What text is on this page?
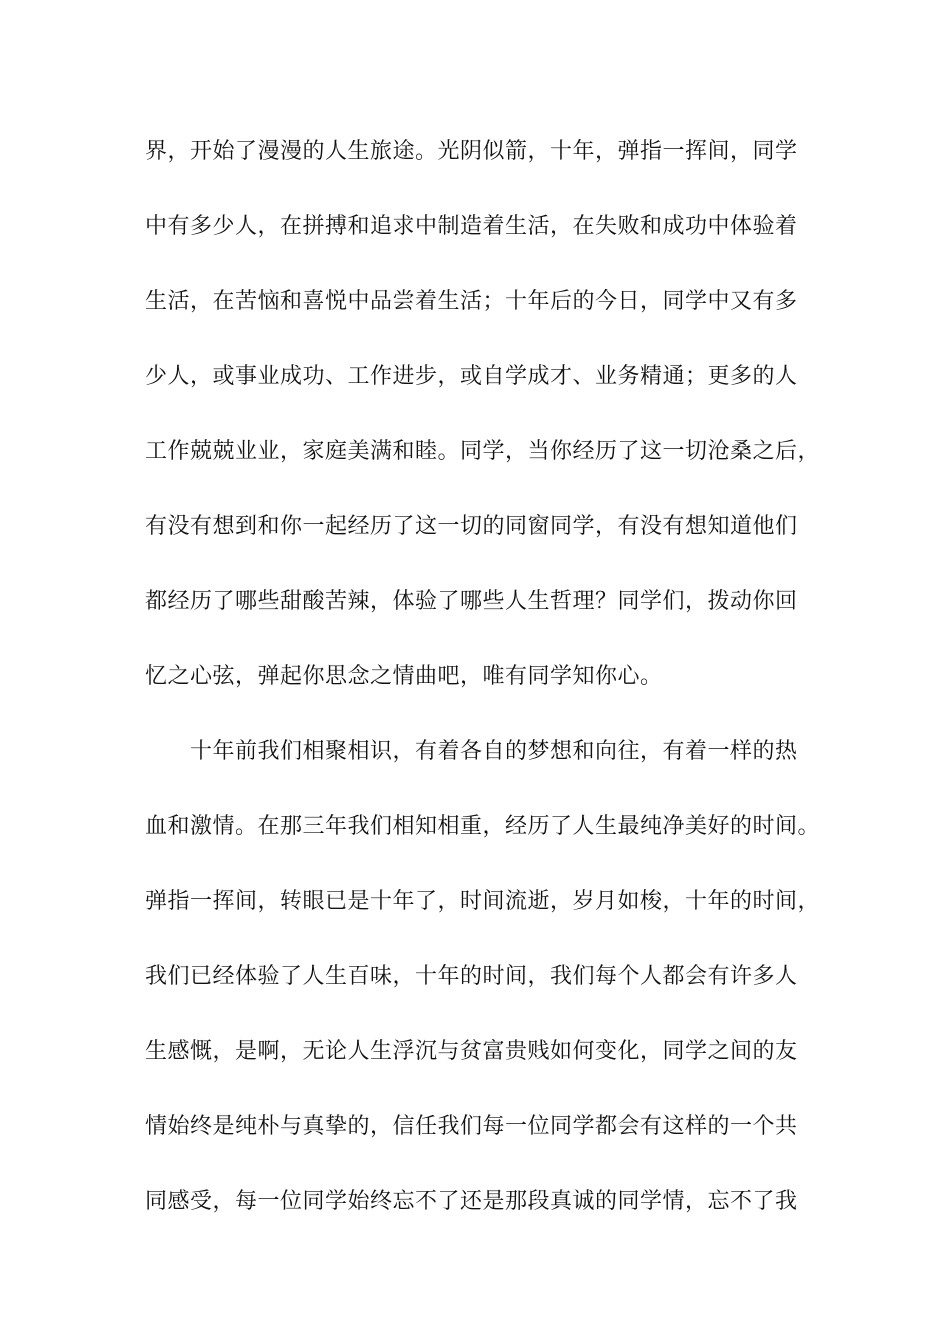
界，开始了漫漫的人生旅途。光阴似箭，十年，弹指一挥间，同学
中有多少人，在拼搏和追求中制造着生活，在失败和成功中体验着
生活，在苦恼和喜悦中品尝着生活；十年后的今日，同学中又有多
少人，或事业成功、工作进步，或自学成才、业务精通；更多的人
工作兢兢业业，家庭美满和睦。同学，当你经历了这一切沧桑之后，
有没有想到和你一起经历了这一切的同窗同学，有没有想知道他们
都经历了哪些甜酸苦辣，体验了哪些人生哲理？同学们，拨动你回
忆之心弦，弹起你思念之情曲吧，唯有同学知你心。
十年前我们相聚相识，有着各自的梦想和向往，有着一样的热
血和激情。在那三年我们相知相重，经历了人生最纯净美好的时间。
弹指一挥间，转眼已是十年了，时间流逝，岁月如梭，十年的时间，
我们已经体验了人生百味，十年的时间，我们每个人都会有许多人
生感慨，是啊，无论人生浮沉与贫富贵贱如何变化，同学之间的友
情始终是纯朴与真挚的，信任我们每一位同学都会有这样的一个共
同感受，每一位同学始终忘不了还是那段真诚的同学情，忘不了我
